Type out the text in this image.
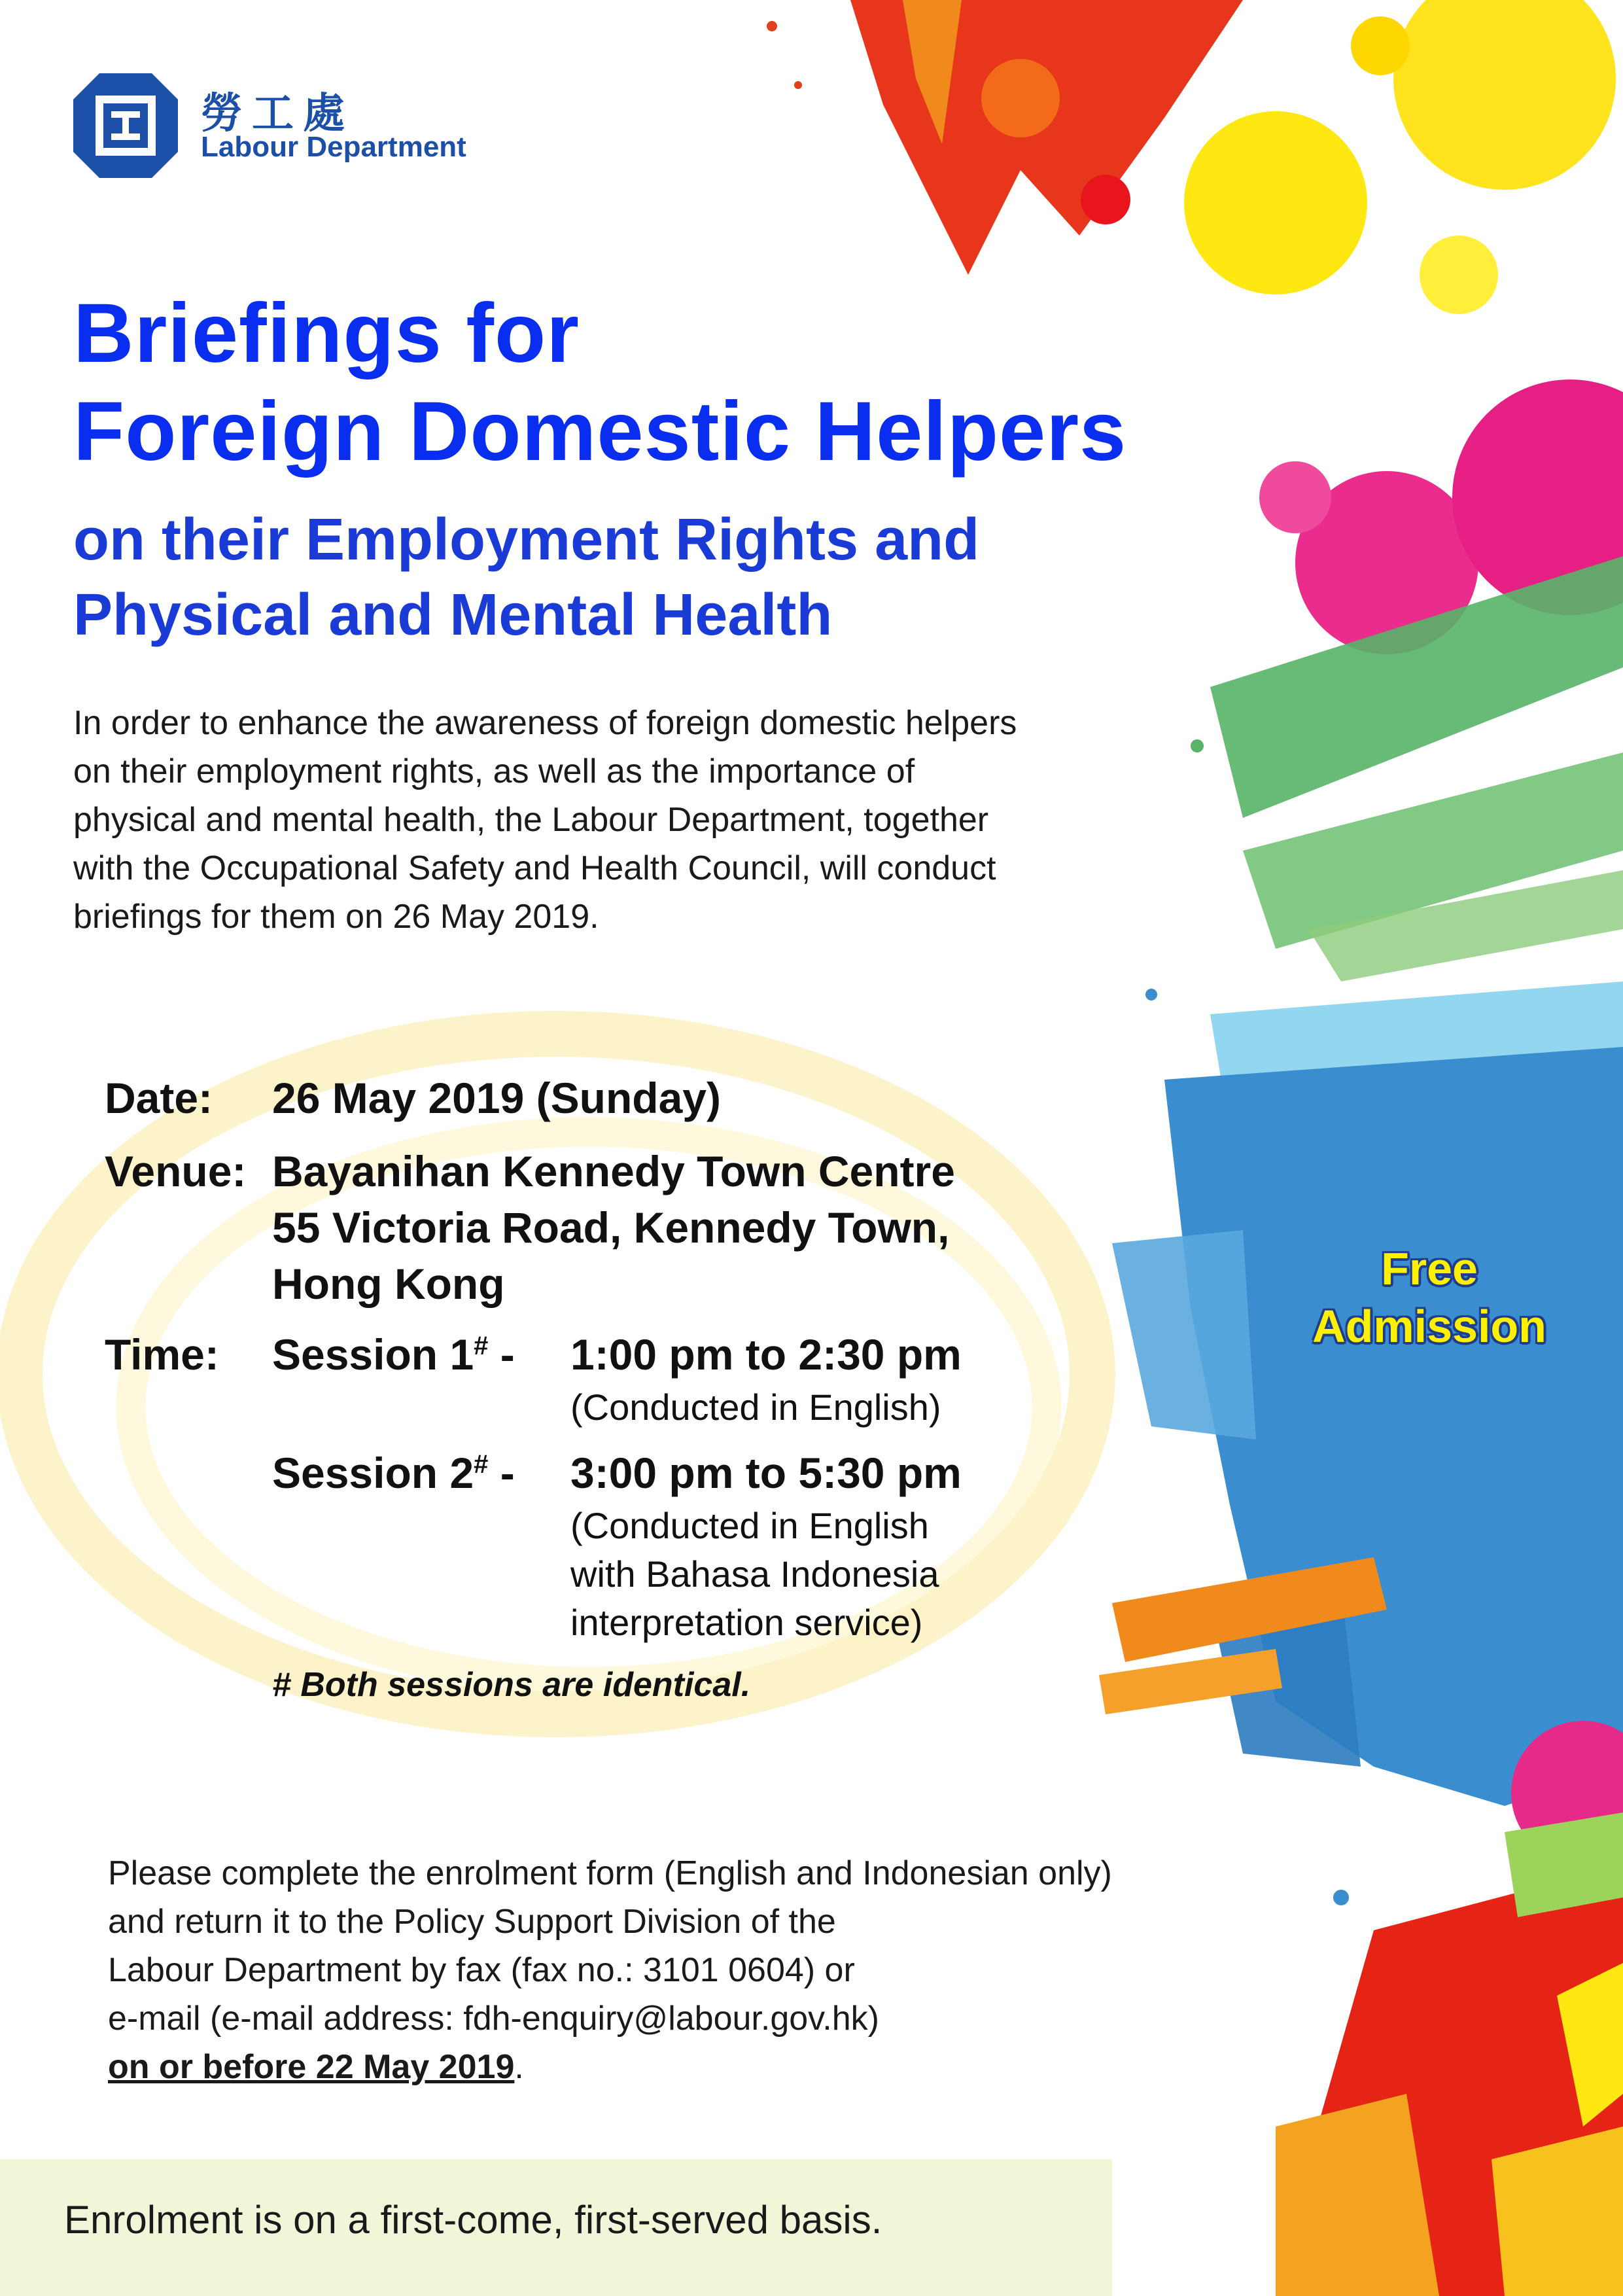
勞工處
Labour Department
Briefings for
Foreign Domestic Helpers
on their Employment Rights and
Physical and Mental Health
In order to enhance the awareness of foreign domestic helpers
on their employment rights, as well as the importance of
physical and mental health, the Labour Department, together
with the Occupational Safety and Health Council, will conduct
briefings for them on 26 May 2019.
Date: 26 May 2019 (Sunday)
Venue: Bayanihan Kennedy Town Centre
55 Victoria Road, Kennedy Town,
Hong Kong
Time: Session 1# - 1:00 pm to 2:30 pm
(Conducted in English)
Session 2# - 3:00 pm to 5:30 pm
(Conducted in English
with Bahasa Indonesia
interpretation service)
# Both sessions are identical.
Free
Admission
Please complete the enrolment form (English and Indonesian only)
and return it to the Policy Support Division of the
Labour Department by fax (fax no.: 3101 0604) or
e-mail (e-mail address: fdh-enquiry@labour.gov.hk)
on or before 22 May 2019.
Enrolment is on a first-come, first-served basis.
